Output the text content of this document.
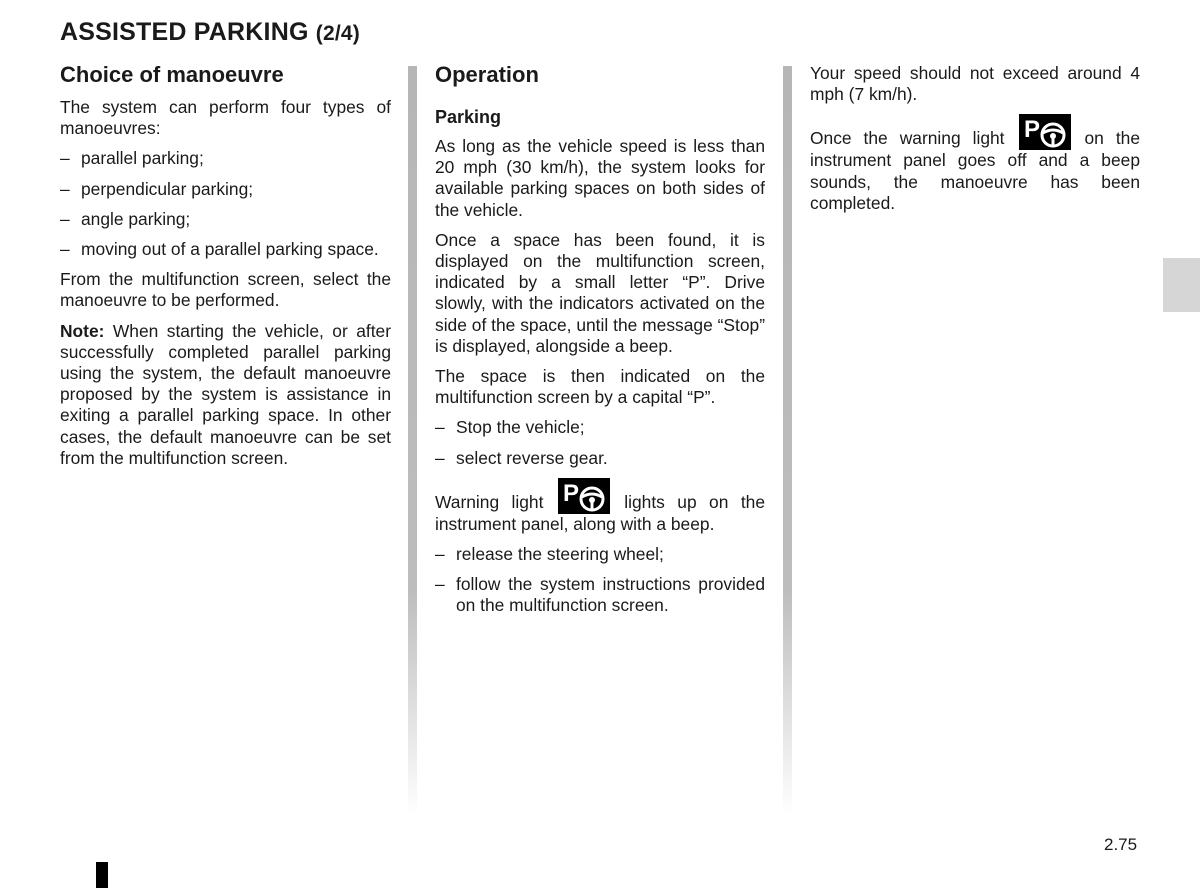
ASSISTED PARKING (2/4)
Choice of manoeuvre

The system can perform four types of manoeuvres:

– parallel parking;
– perpendicular parking;
– angle parking;
– moving out of a parallel parking space.

From the multifunction screen, select the manoeuvre to be performed.

Note: When starting the vehicle, or after successfully completed parallel parking using the system, the default manoeuvre proposed by the system is assistance in exiting a parallel parking space. In other cases, the default manoeuvre can be set from the multifunction screen.

Operation
Parking

As long as the vehicle speed is less than 20 mph (30 km/h), the system looks for available parking spaces on both sides of the vehicle.

Once a space has been found, it is displayed on the multifunction screen, indicated by a small letter “P”. Drive slowly, with the indicators activated on the side of the space, until the message “Stop” is displayed, alongside a beep.

The space is then indicated on the multifunction screen by a capital “P”.

– Stop the vehicle;
– select reverse gear.

Warning light P lights up on the instrument panel, along with a beep.

– release the steering wheel;
– follow the system instructions provided on the multifunction screen.

Your speed should not exceed around 4 mph (7 km/h).

Once the warning light P on the instrument panel goes off and a beep sounds, the manoeuvre has been completed.

2.75
